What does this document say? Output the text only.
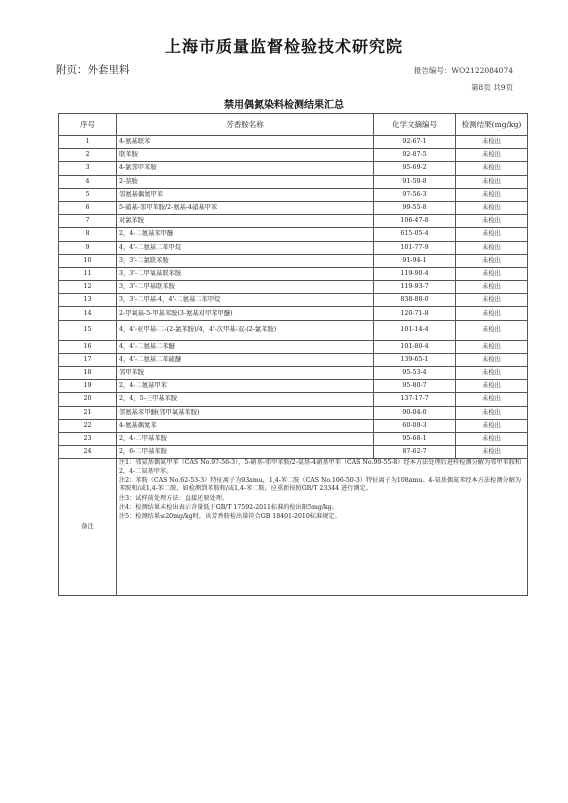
上海市质量监督检验技术研究院
附页：外套里料	报告编号：WO212208407​4
第8页 共9页
禁用偶氮染料检测结果汇总
序号	芳香胺名称	化学文摘编号	检测结果(mg/kg)
1	4-氨基联苯	92-67-1	未检出
2	联苯胺	92-87-5	未检出
3	4-氯邻甲苯胺	95-69-2	未检出
4	2-萘胺	91-59-8	未检出
5	邻氨基偶氮甲苯	97-56-3	未检出
6	5-硝基-邻甲苯胺/2-氨基-4硝基甲苯	99-55-8	未检出
7	对氯苯胺	106-47-8	未检出
8	2，4-二氨基苯甲醚	615-05-4	未检出
9	4，4'-二氨基二苯甲烷	101-77-9	未检出
10	3，3'-二氯联苯胺	91-94-1	未检出
11	3，3'-二甲氧基联苯胺	119-90-4	未检出
12	3，3'-二甲基联苯胺	119-93-7	未检出
13	3，3'-二甲基-4，4'-二氨基二苯甲烷	838-88-0	未检出
14	2-甲氧基-5-甲基苯胺(3-氨基对甲苯甲醚)	120-71-8	未检出
15	4，4'-亚甲基-二-(2-氯苯胺)/4，4'-次甲基-双-(2-氯苯胺)	101-14-4	未检出
16	4，4'-二氨基二苯醚	101-80-4	未检出
17	4，4'-二氨基二苯硫醚	139-65-1	未检出
18	邻甲苯胺	95-53-4	未检出
19	2，4-二氨基甲苯	95-80-7	未检出
20	2，4，5-三甲基苯胺	137-17-7	未检出
21	邻氨基苯甲醚(邻甲氧基苯胺)	90-04-0	未检出
22	4-氨基偶氮苯	60-09-3	未检出
23	2，4-二甲基苯胺	95-68-1	未检出
24	2，6-二甲基苯胺	87-62-7	未检出
备注	注1：邻氨基偶氮甲苯（CAS No.97-56-3）、5-硝基-邻甲苯胺/2-氨基-4硝基甲苯（CAS No.99-55-8）经本方法处理后进样检测分解为邻甲苯胺和2，4-二氨基甲苯。

注2：苯胺（CAS No.62-53-3）特征离子为93amu，1,4-苯二胺（CAS No.106-50-3）特征离子为108amu。4-氨基偶氮苯经本方法检测分解为苯胺和/或1,4-苯二胺，如检测到苯胺和/或1,4-苯二胺，应重新按照GB/T 23344 进行测定。

注3：试样前处理方法：直接还原处理。

注4：检测结果未检出表示含量低于GB/T 17592-2011标准的检出限5mg/kg。

注5：检测结果≤20mg/kg时，该芳香胺检出量符合GB 18401-2010标准规定。		
